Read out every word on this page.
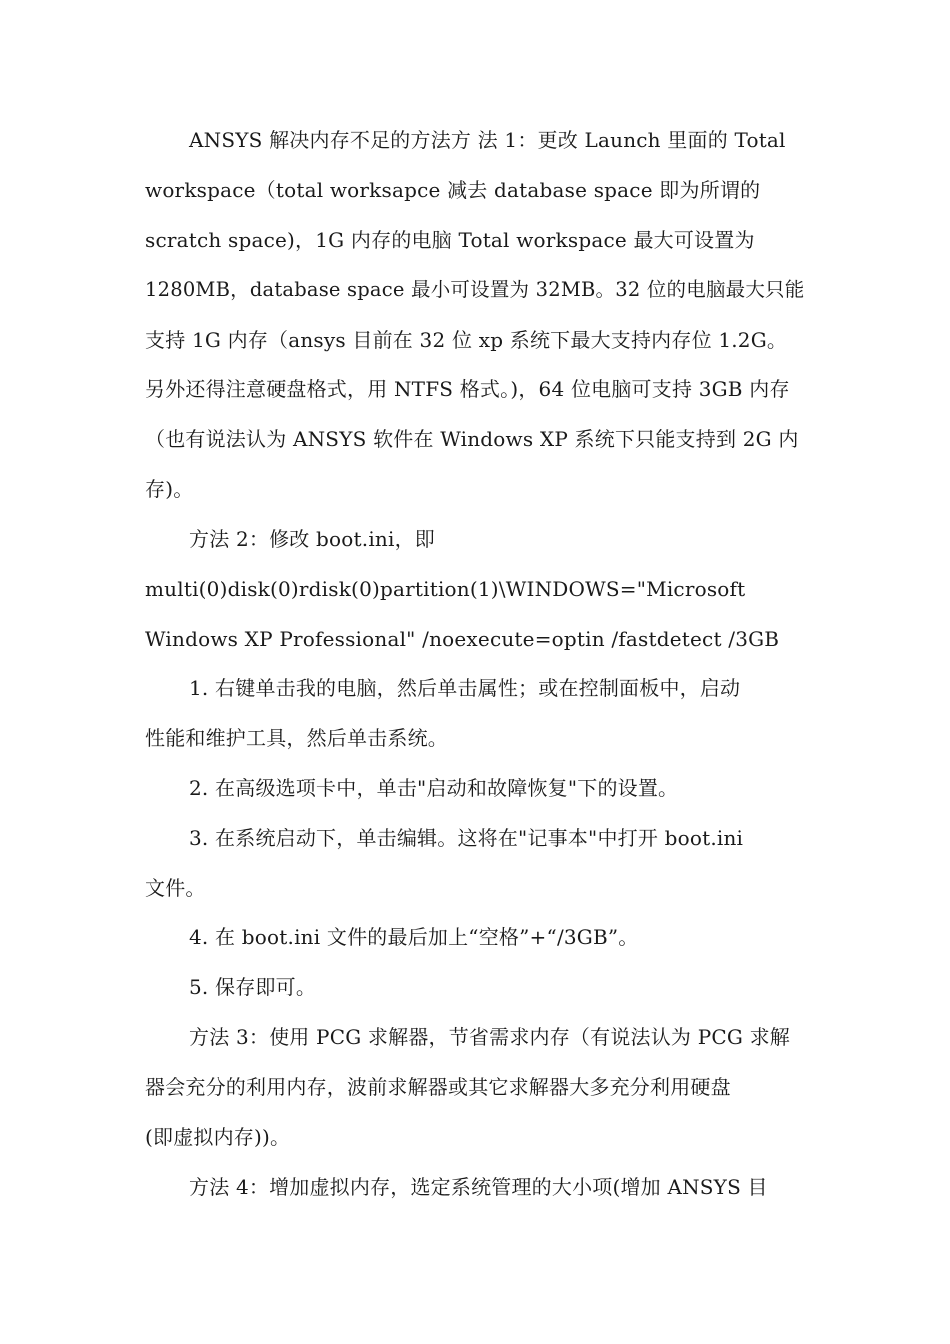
ANSYS 解决内存不足的方法方 法 1：更改 Launch 里面的 Total
workspace（total worksapce 减去 database space 即为所谓的
scratch space)，1G 内存的电脑 Total workspace 最大可设置为
1280MB，database space 最小可设置为 32MB。32 位的电脑最大只能
支持 1G 内存（ansys 目前在 32 位 xp 系统下最大支持内存位 1.2G。
另外还得注意硬盘格式，用 NTFS 格式。)，64 位电脑可支持 3GB 内存
（也有说法认为 ANSYS 软件在 Windows XP 系统下只能支持到 2G 内
存)。
方法 2：修改 boot.ini，即
multi(0)disk(0)rdisk(0)partition(1)\WINDOWS="Microsoft
Windows XP Professional" /noexecute=optin /fastdetect /3GB
1. 右键单击我的电脑，然后单击属性；或在控制面板中，启动
性能和维护工具，然后单击系统。
2. 在高级选项卡中，单击"启动和故障恢复"下的设置。
3. 在系统启动下，单击编辑。这将在"记事本"中打开 boot.ini
文件。
4. 在 boot.ini 文件的最后加上“空格”+“/3GB”。
5. 保存即可。
方法 3：使用 PCG 求解器，节省需求内存（有说法认为 PCG 求解
器会充分的利用内存，波前求解器或其它求解器大多充分利用硬盘
(即虚拟内存))。
方法 4：增加虚拟内存，选定系统管理的大小项(增加 ANSYS 目
